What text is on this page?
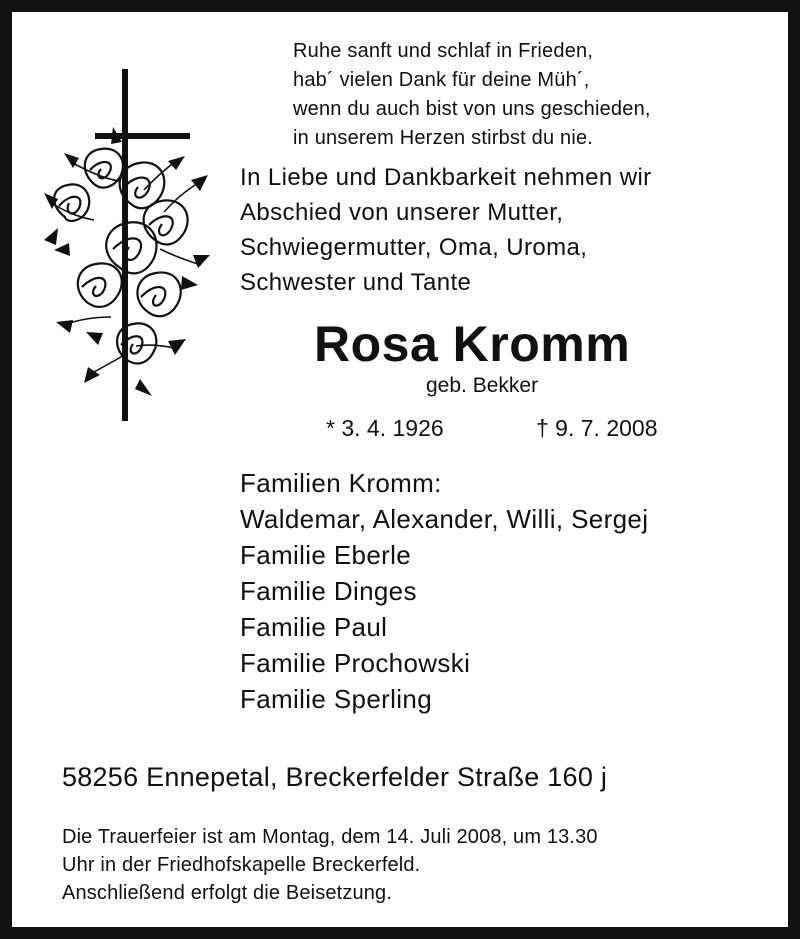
Ruhe sanft und schlaf in Frieden,
hab´ vielen Dank für deine Müh´,
wenn du auch bist von uns geschieden,
in unserem Herzen stirbst du nie.
In Liebe und Dankbarkeit nehmen wir
Abschied von unserer Mutter,
Schwiegermutter, Oma, Uroma,
Schwester und Tante
Rosa Kromm
geb. Bekker
* 3. 4. 1926	† 9. 7. 2008
Familien Kromm:
Waldemar, Alexander, Willi, Sergej
Familie Eberle
Familie Dinges
Familie Paul
Familie Prochowski
Familie Sperling
58256 Ennepetal, Breckerfelder Straße 160 j
Die Trauerfeier ist am Montag, dem 14. Juli 2008, um 13.30
Uhr in der Friedhofskapelle Breckerfeld.
Anschließend erfolgt die Beisetzung.
